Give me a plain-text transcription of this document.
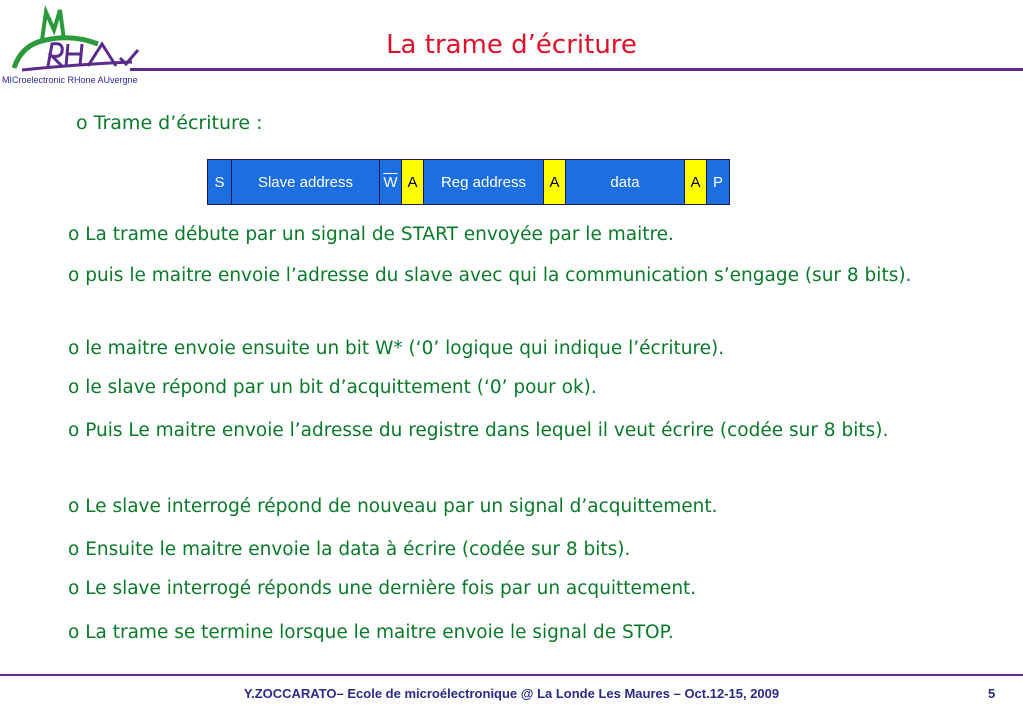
MICroelectronic RHone AUvergne
La trame d’écriture
o Trame d’écriture :
S Slave address $\overline{W}$ A Reg address A	data	A P
o La trame débute par un signal de START envoyée par le maitre.
o puis le maitre envoie l’adresse du slave avec qui la communication s’engage (sur 8 bits).
o le maitre envoie ensuite un bit W* (‘0’ logique qui indique l’écriture).
o le slave répond par un bit d’acquittement (‘0’ pour ok).
o Puis Le maitre envoie l’adresse du registre dans lequel il veut écrire (codée sur 8 bits).
o Le slave interrogé répond de nouveau par un signal d’acquittement.
o Ensuite le maitre envoie la data à écrire (codée sur 8 bits).
o Le slave interrogé réponds une dernière fois par un acquittement.
o La trame se termine lorsque le maitre envoie le signal de STOP.
Y.ZOCCARATO– Ecole de microélectronique @ La Londe Les Maures – Oct.12-15, 2009	5
